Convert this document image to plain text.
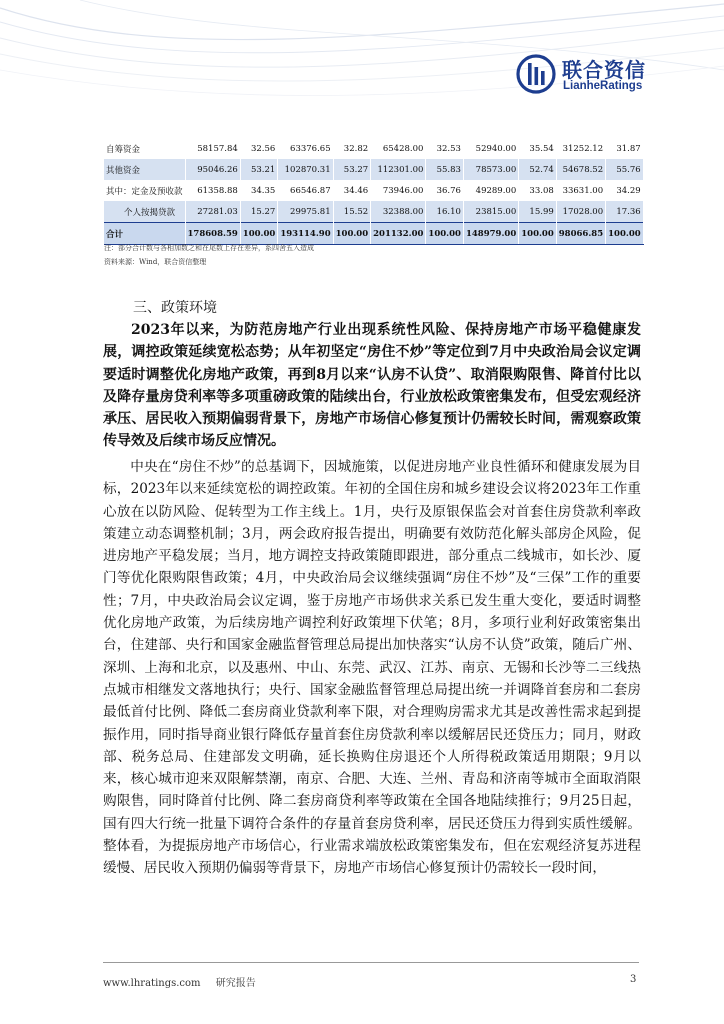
联合资信
LianheRatings
自筹资金	58157.84	32.56	63376.65	32.82	65428.00	32.53	52940.00	35.54	31252.12	31.87
其他资金	95046.26	53.21	102870.31	53.27	112301.00	55.83	78573.00	52.74	54678.52	55.76
其中：定金及预收款	61358.88	34.35	66546.87	34.46	73946.00	36.76	49289.00	33.08	33631.00	34.29
个人按揭贷款	27281.03	15.27	29975.81	15.52	32388.00	16.10	23815.00	15.99	17028.00	17.36
合计	178608.59	100.00	193114.90	100.00	201132.00	100.00	148979.00	100.00	98066.85	100.00
注：部分合计数与各相加数之和在尾数上存在差异，系四舍五入造成
资料来源：Wind，联合资信整理
三、政策环境

2023年以来，为防范房地产行业出现系统性风险、保持房地产市场平稳健康发展，调控政策延续宽松态势；从年初坚定“房住不炒”等定位到7月中央政治局会议定调要适时调整优化房地产政策，再到8月以来“认房不认贷”、取消限购限售、降首付比以及降存量房贷利率等多项重磅政策的陆续出台，行业放松政策密集发布，但受宏观经济承压、居民收入预期偏弱背景下，房地产市场信心修复预计仍需较长时间，需观察政策传导效及后续市场反应情况。

中央在“房住不炒”的总基调下，因城施策，以促进房地产业良性循环和健康发展为目标，2023年以来延续宽松的调控政策。年初的全国住房和城乡建设会议将2023年工作重心放在以防风险、促转型为工作主线上。1月，央行及原银保监会对首套住房贷款利率政策建立动态调整机制；3月，两会政府报告提出，明确要有效防范化解头部房企风险，促进房地产平稳发展；当月，地方调控支持政策随即跟进，部分重点二线城市，如长沙、厦门等优化限购限售政策；4月，中央政治局会议继续强调“房住不炒”及“三保”工作的重要性；7月，中央政治局会议定调，鉴于房地产市场供求关系已发生重大变化，要适时调整优化房地产政策，为后续房地产调控利好政策埋下伏笔；8月，多项行业利好政策密集出台，住建部、央行和国家金融监督管理总局提出加快落实“认房不认贷”政策，随后广州、深圳、上海和北京，以及惠州、中山、东莞、武汉、江苏、南京、无锡和长沙等二三线热点城市相继发文落地执行；央行、国家金融监督管理总局提出统一并调降首套房和二套房最低首付比例、降低二套房商业贷款利率下限，对合理购房需求尤其是改善性需求起到提振作用，同时指导商业银行降低存量首套住房贷款利率以缓解居民还贷压力；同月，财政部、税务总局、住建部发文明确，延长换购住房退还个人所得税政策适用期限；9月以来，核心城市迎来双限解禁潮，南京、合肥、大连、兰州、青岛和济南等城市全面取消限购限售，同时降首付比例、降二套房商贷利率等政策在全国各地陆续推行；9月25日起，国有四大行统一批量下调符合条件的存量首套房贷利率，居民还贷压力得到实质性缓解。整体看，为提振房地产市场信心，行业需求端放松政策密集发布，但在宏观经济复苏进程缓慢、居民收入预期仍偏弱等背景下，房地产市场信心修复预计仍需较长一段时间，

www.lhratings.com 研究报告	3
